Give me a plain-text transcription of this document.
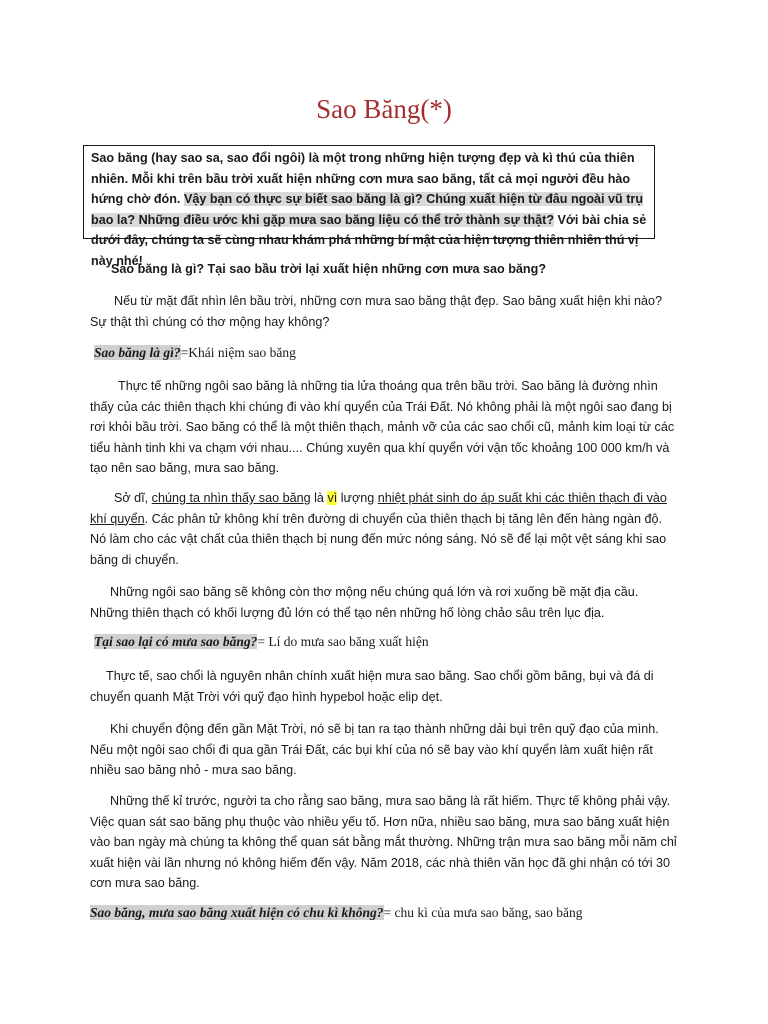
Sao Băng(*)
Sao băng (hay sao sa, sao đổi ngôi) là một trong những hiện tượng đẹp và kì thú của thiên nhiên. Mỗi khi trên bầu trời xuất hiện những cơn mưa sao băng, tất cả mọi người đều hào hứng chờ đón. Vậy bạn có thực sự biết sao băng là gì? Chúng xuất hiện từ đâu ngoài vũ trụ bao la? Những điều ước khi gặp mưa sao băng liệu có thể trở thành sự thật? Với bài chia sẻ dưới đây, chúng ta sẽ cùng nhau khám phá những bí mật của hiện tượng thiên nhiên thú vị này nhé!
Sao băng là gì? Tại sao bầu trời lại xuất hiện những cơn mưa sao băng?
Nếu từ mặt đất nhìn lên bầu trời, những cơn mưa sao băng thật đẹp. Sao băng xuất hiện khi nào? Sự thật thì chúng có thơ mộng hay không?
Sao băng là gì?=Khái niệm sao băng
Thực tế những ngôi sao băng là những tia lửa thoáng qua trên bầu trời. Sao băng là đường nhìn thấy của các thiên thạch khi chúng đi vào khí quyển của Trái Đất. Nó không phải là một ngôi sao đang bị rơi khỏi bầu trời. Sao băng có thể là một thiên thạch, mảnh vỡ của các sao chổi cũ, mảnh kim loại từ các tiểu hành tinh khi va chạm với nhau.... Chúng xuyên qua khí quyển với vận tốc khoảng 100 000 km/h và tạo nên sao băng, mưa sao băng.
Sở dĩ, chúng ta nhìn thấy sao băng là vì lượng nhiệt phát sinh do áp suất khi các thiên thạch đi vào khí quyển. Các phân tử không khí trên đường di chuyển của thiên thạch bị tăng lên đến hàng ngàn độ. Nó làm cho các vật chất của thiên thạch bị nung đến mức nóng sáng. Nó sẽ để lại một vệt sáng khi sao băng di chuyển.
Những ngôi sao băng sẽ không còn thơ mộng nếu chúng quá lớn và rơi xuống bề mặt địa cầu. Những thiên thạch có khối lượng đủ lớn có thể tạo nên những hố lòng chảo sâu trên lục địa.
Tại sao lại có mưa sao băng?= Lí do mưa sao băng xuất hiện
Thực tế, sao chổi là nguyên nhân chính xuất hiện mưa sao băng. Sao chổi gồm băng, bụi và đá di chuyển quanh Mặt Trời với quỹ đạo hình hypebol hoặc elip dẹt.
Khi chuyển động đến gần Mặt Trời, nó sẽ bị tan ra tạo thành những dải bụi trên quỹ đạo của mình. Nếu một ngôi sao chổi đi qua gần Trái Đất, các bụi khí của nó sẽ bay vào khí quyển làm xuất hiện rất nhiều sao băng nhỏ - mưa sao băng.
Những thế kỉ trước, người ta cho rằng sao băng, mưa sao băng là rất hiếm. Thực tế không phải vậy. Việc quan sát sao băng phụ thuộc vào nhiều yếu tố. Hơn nữa, nhiều sao băng, mưa sao băng xuất hiện vào ban ngày mà chúng ta không thể quan sát bằng mắt thường. Những trận mưa sao băng mỗi năm chỉ xuất hiện vài lần nhưng nó không hiếm đến vậy. Năm 2018, các nhà thiên văn học đã ghi nhận có tới 30 cơn mưa sao băng.
Sao băng, mưa sao băng xuất hiện có chu kì không?= chu kì của mưa sao băng, sao băng
